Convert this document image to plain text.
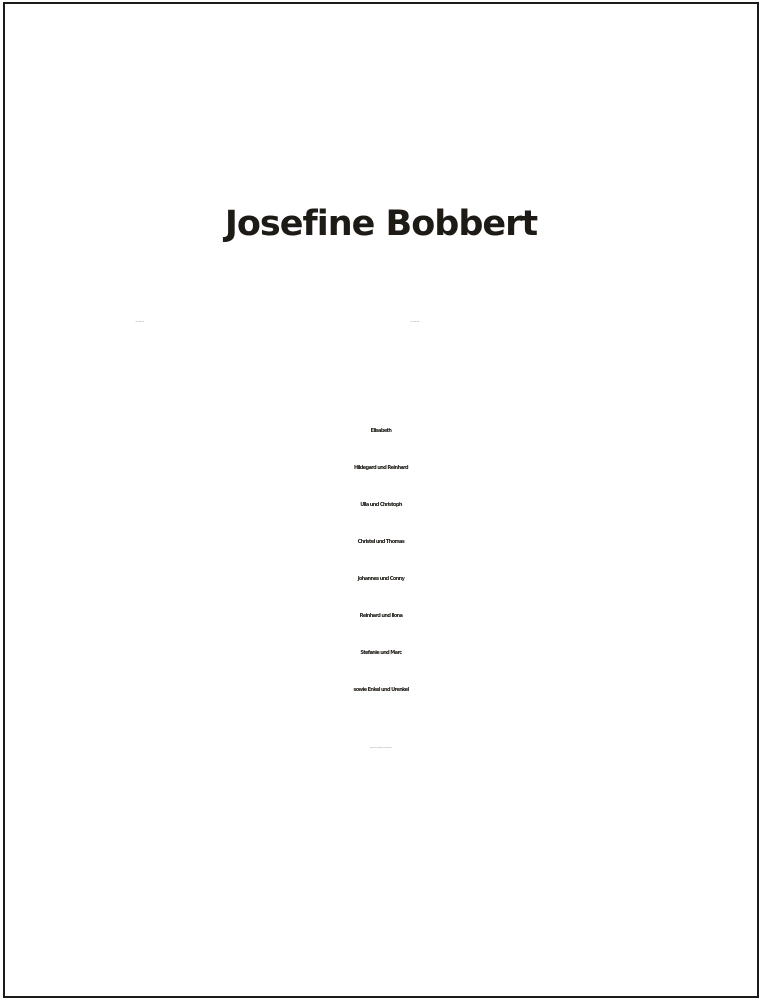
Josefine Bobbert
* 28. Februar 1934	† 11. Februar 2019
Elisabeth
Hildegard und Reinhard
Ulla und Christoph
Christel und Thomas
Johannes und Conny
Reinhard und Ilona
Stefanie und Marc
sowie Enkel und Urenkel
33034 Brakel (Siddessen), Zum Tiefental 19
